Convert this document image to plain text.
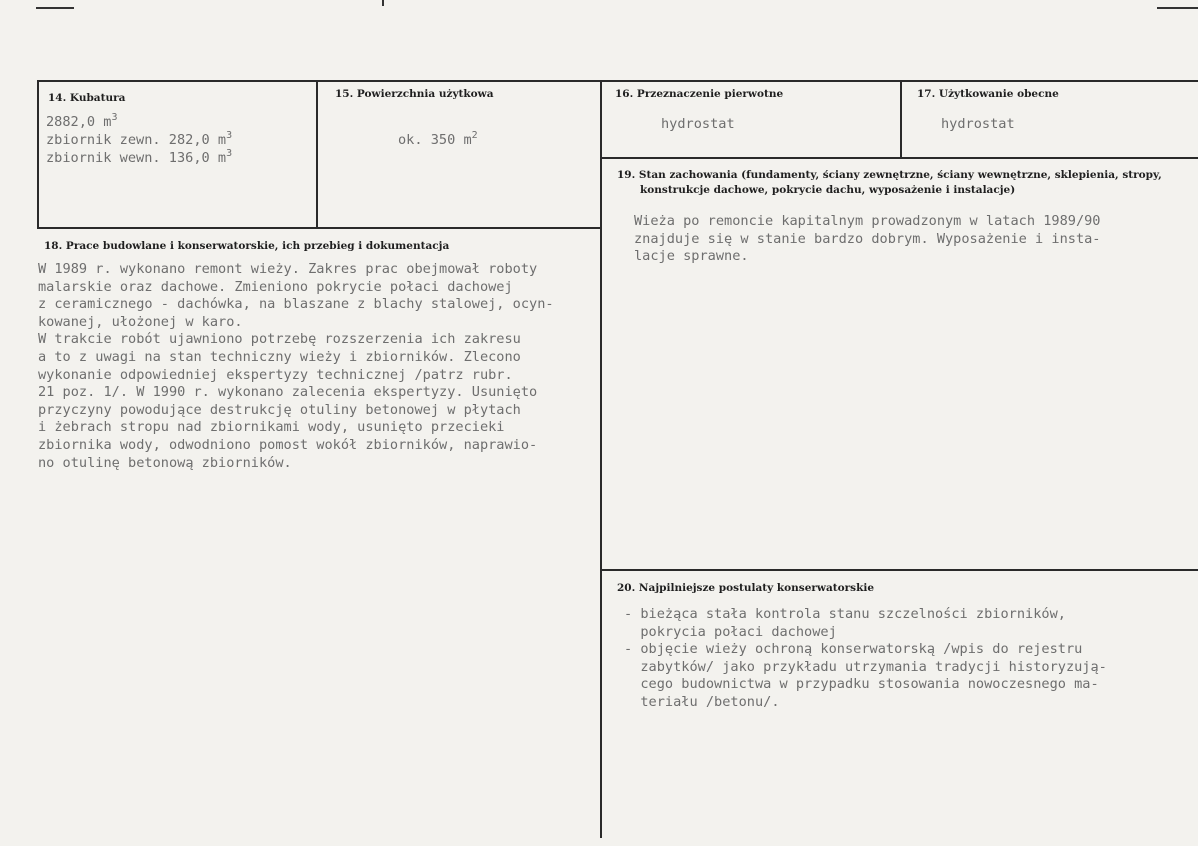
14. Kubatura

2882,0 $m^3$

zbiornik zewn. 282,0 $m^3$

zbiornik wewn. 136,0 $m^3$

15. Powierzchnia użytkowa

ok. 350 $m^2$

16. Przeznaczenie pierwotne

hydrostat

17. Użytkowanie obecne

hydrostat

18. Prace budowlane i konserwatorskie, ich przebieg i dokumentacja

W 1989 r. wykonano remont wieży. Zakres prac obejmował roboty
malarskie oraz dachowe. Zmieniono pokrycie połaci dachowej
z ceramicznego - dachówka, na blaszane z blachy stalowej, ocyn-
kowanej, ułożonej w karo.
W trakcie robót ujawniono potrzebę rozszerzenia ich zakresu
a to z uwagi na stan techniczny wieży i zbiorników. Zlecono
wykonanie odpowiedniej ekspertyzy technicznej /patrz rubr.
21 poz. 1/. W 1990 r. wykonano zalecenia ekspertyzy. Usunięto
przyczyny powodujące destrukcję otuliny betonowej w płytach
i żebrach stropu nad zbiornikami wody, usunięto przecieki
zbiornika wody, odwodniono pomost wokół zbiorników, naprawio-
no otulinę betonową zbiorników.

19. Stan zachowania (fundamenty, ściany zewnętrzne, ściany wewnętrzne, sklepienia, stropy,
konstrukcje dachowe, pokrycie dachu, wyposażenie i instalacje)

Wieża po remoncie kapitalnym prowadzonym w latach 1989/90
znajduje się w stanie bardzo dobrym. Wyposażenie i insta-
lacje sprawne.

20. Najpilniejsze postulaty konserwatorskie

- bieżąca stała kontrola stanu szczelności zbiorników,
pokrycia połaci dachowej
- objęcie wieży ochroną konserwatorską /wpis do rejestru
zabytków/ jako przykładu utrzymania tradycji historyzują-
cego budownictwa w przypadku stosowania nowoczesnego ma-
teriału /betonu/.
